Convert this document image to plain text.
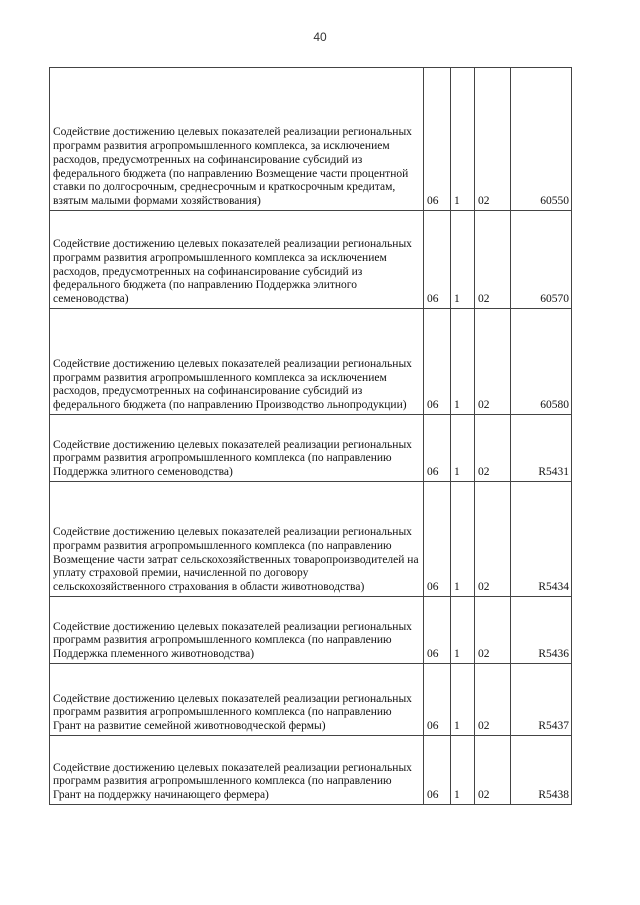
40
Содействие достижению целевых показателей реализации региональных программ развития агропромышленного комплекса, за исключением расходов, предусмотренных на софинансирование субсидий из федерального бюджета (по направлению Возмещение части процентной ставки по долгосрочным, среднесрочным и краткосрочным кредитам, взятым малыми формами хозяйствования)	06	1	02	60550
Содействие достижению целевых показателей реализации региональных программ развития агропромышленного комплекса за исключением расходов, предусмотренных на софинансирование субсидий из федерального бюджета (по направлению Поддержка элитного семеноводства)	06	1	02	60570
Содействие достижению целевых показателей реализации региональных программ развития агропромышленного комплекса за исключением расходов, предусмотренных на софинансирование субсидий из федерального бюджета (по направлению Производство льнопродукции)	06	1	02	60580
Содействие достижению целевых показателей реализации региональных программ развития агропромышленного комплекса (по направлению Поддержка элитного семеноводства)	06	1	02	R5431
Содействие достижению целевых показателей реализации региональных программ развития агропромышленного комплекса (по направлению Возмещение части затрат сельскохозяйственных товаропроизводителей на уплату страховой премии, начисленной по договору сельскохозяйственного страхования в области животноводства)	06	1	02	R5434
Содействие достижению целевых показателей реализации региональных программ развития агропромышленного комплекса (по направлению Поддержка племенного животноводства)	06	1	02	R5436
Содействие достижению целевых показателей реализации региональных программ развития агропромышленного комплекса (по направлению Грант на развитие семейной животноводческой фермы)	06	1	02	R5437
Содействие достижению целевых показателей реализации региональных программ развития агропромышленного комплекса (по направлению Грант на поддержку начинающего фермера)	06	1	02	R5438
